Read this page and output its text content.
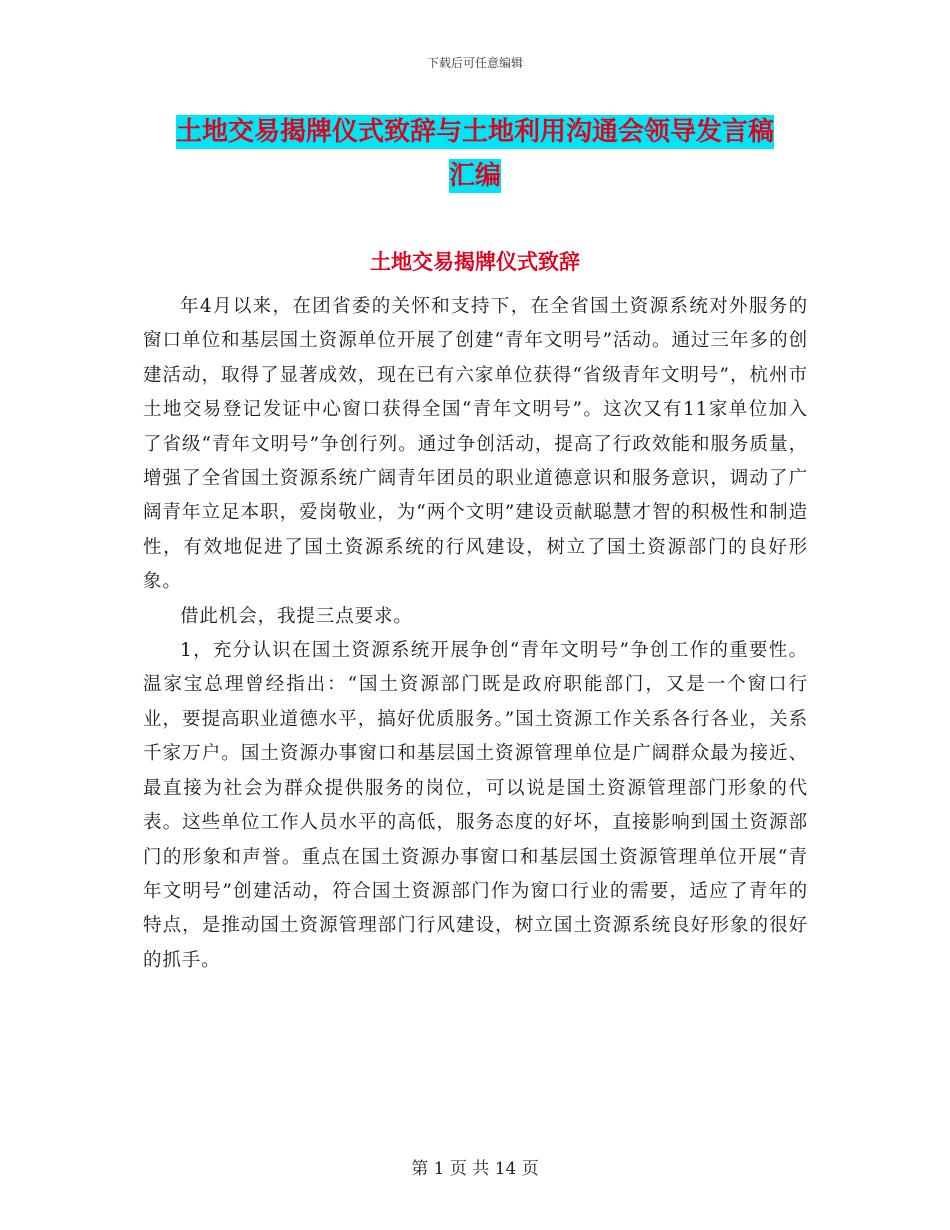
下载后可任意编辑
土地交易揭牌仪式致辞与土地利用沟通会领导发言稿
汇编
土地交易揭牌仪式致辞

年4月以来，在团省委的关怀和支持下，在全省国土资源系统对外服务的窗口单位和基层国土资源单位开展了创建“青年文明号”活动。通过三年多的创建活动，取得了显著成效，现在已有六家单位获得“省级青年文明号”，杭州市土地交易登记发证中心窗口获得全国“青年文明号”。这次又有11家单位加入了省级“青年文明号”争创行列。通过争创活动，提高了行政效能和服务质量，增强了全省国土资源系统广阔青年团员的职业道德意识和服务意识，调动了广阔青年立足本职，爱岗敬业，为“两个文明”建设贡献聪慧才智的积极性和制造性，有效地促进了国土资源系统的行风建设，树立了国土资源部门的良好形象。

借此机会，我提三点要求。

1，充分认识在国土资源系统开展争创“青年文明号”争创工作的重要性。温家宝总理曾经指出：“国土资源部门既是政府职能部门，又是一个窗口行业，要提高职业道德水平，搞好优质服务。”国土资源工作关系各行各业，关系千家万户。国土资源办事窗口和基层国土资源管理单位是广阔群众最为接近、最直接为社会为群众提供服务的岗位，可以说是国土资源管理部门形象的代表。这些单位工作人员水平的高低，服务态度的好坏，直接影响到国土资源部门的形象和声誉。重点在国土资源办事窗口和基层国土资源管理单位开展“青年文明号”创建活动，符合国土资源部门作为窗口行业的需要，适应了青年的特点，是推动国土资源管理部门行风建设，树立国土资源系统良好形象的很好的抓手。

第 1 页 共 14 页
